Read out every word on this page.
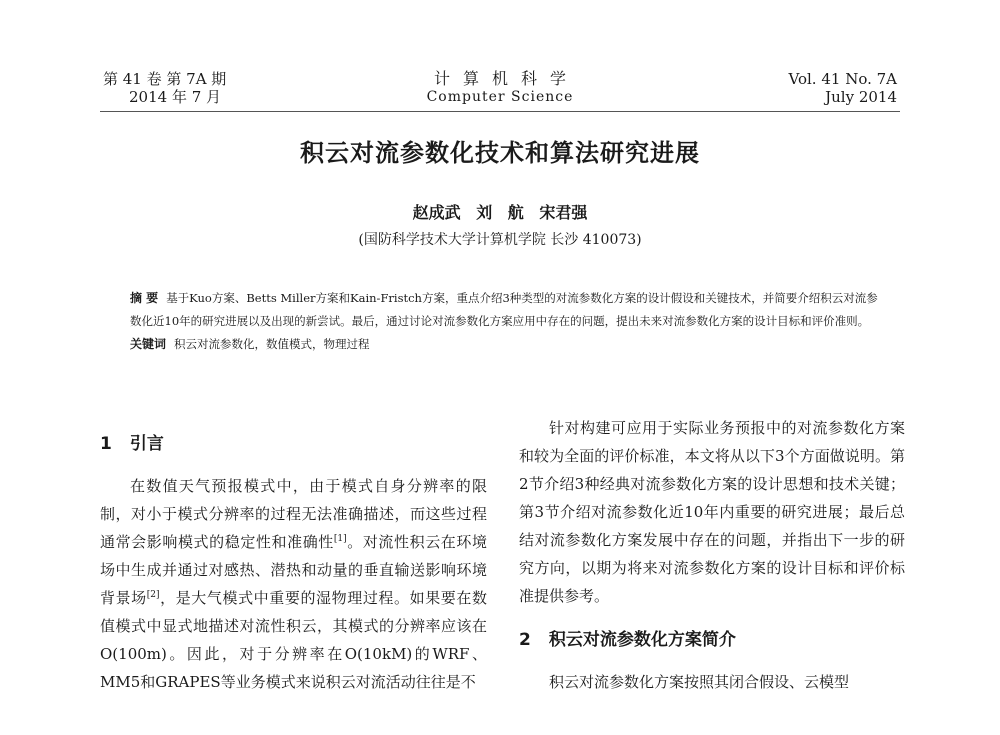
第 41 卷 第 7A 期
2014 年 7 月
计算机科学
Computer Science
Vol. 41 No. 7A
July 2014
积云对流参数化技术和算法研究进展
赵成武 刘 航 宋君强
(国防科学技术大学计算机学院 长沙 410073)
摘 要 基于Kuo方案、Betts Miller方案和Kain-Fristch方案，重点介绍3种类型的对流参数化方案的设计假设和关键技术，并简要介绍积云对流参数化近10年的研究进展以及出现的新尝试。最后，通过讨论对流参数化方案应用中存在的问题，提出未来对流参数化方案的设计目标和评价准则。
关键词 积云对流参数化，数值模式，物理过程
1 引言

在数值天气预报模式中，由于模式自身分辨率的限制，对小于模式分辨率的过程无法准确描述，而这些过程通常会影响模式的稳定性和准确性[1]。对流性积云在环境场中生成并通过对感热、潜热和动量的垂直输送影响环境背景场[2]，是大气模式中重要的湿物理过程。如果要在数值模式中显式地描述对流性积云，其模式的分辨率应该在O(100m)。因此，对于分辨率在O(10kM)的WRF、MM5和GRAPES等业务模式来说积云对流活动往往是不

针对构建可应用于实际业务预报中的对流参数化方案和较为全面的评价标准，本文将从以下3个方面做说明。第2节介绍3种经典对流参数化方案的设计思想和技术关键；第3节介绍对流参数化近10年内重要的研究进展；最后总结对流参数化方案发展中存在的问题，并指出下一步的研究方向，以期为将来对流参数化方案的设计目标和评价标准提供参考。

2 积云对流参数化方案简介

积云对流参数化方案按照其闭合假设、云模型
